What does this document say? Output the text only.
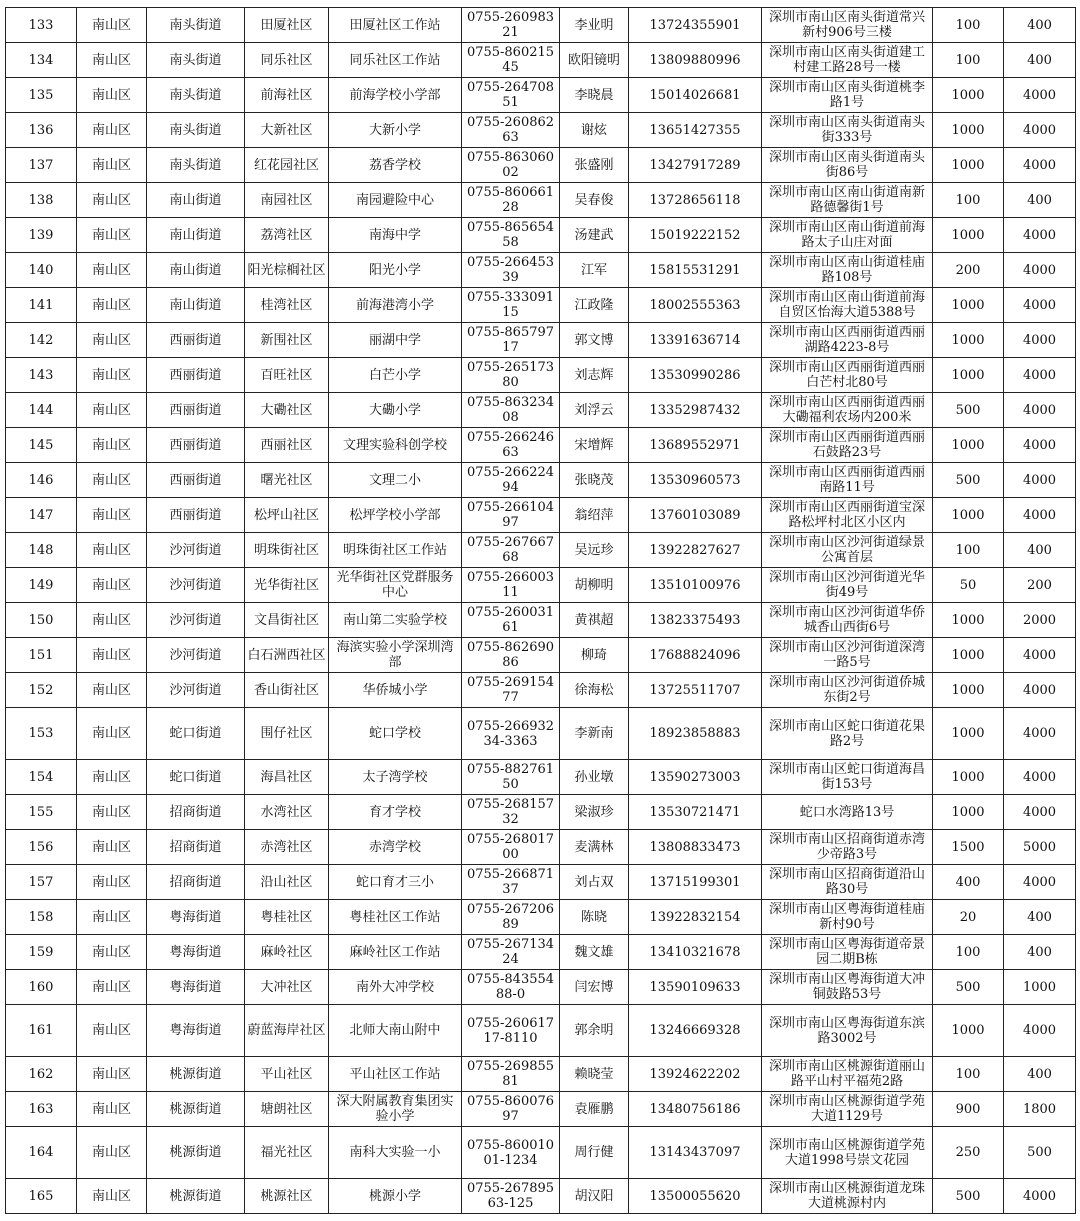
133	南山区	南头街道	田厦社区	田厦社区工作站	0755-26098321	李业明	13724355901	深圳市南山区南头街道常兴新村906号三楼	100	400
134	南山区	南头街道	同乐社区	同乐社区工作站	0755-86021545	欧阳镜明	13809880996	深圳市南山区南头街道建工村建工路28号一楼	100	400
135	南山区	南头街道	前海社区	前海学校小学部	0755-26470851	李晓晨	15014026681	深圳市南山区南头街道桃李路1号	1000	4000
136	南山区	南头街道	大新社区	大新小学	0755-26086263	谢炫	13651427355	深圳市南山区南头街道南头街333号	1000	4000
137	南山区	南头街道	红花园社区	荔香学校	0755-86306002	张盛刚	13427917289	深圳市南山区南头街道南头街86号	1000	4000
138	南山区	南山街道	南园社区	南园避险中心	0755-86066128	吴春俊	13728656118	深圳市南山区南山街道南新路德馨街1号	100	400
139	南山区	南山街道	荔湾社区	南海中学	0755-86565458	汤建武	15019222152	深圳市南山区南山街道前海路太子山庄对面	1000	4000
140	南山区	南山街道	阳光棕榈社区	阳光小学	0755-26645339	江军	15815531291	深圳市南山区南山街道桂庙路108号	200	4000
141	南山区	南山街道	桂湾社区	前海港湾小学	0755-33309115	江政隆	18002555363	深圳市南山区南山街道前海自贸区怡海大道5388号	1000	4000
142	南山区	西丽街道	新围社区	丽湖中学	0755-86579717	郭文博	13391636714	深圳市南山区西丽街道西丽湖路4223-8号	1000	4000
143	南山区	西丽街道	百旺社区	白芒小学	0755-26517380	刘志辉	13530990286	深圳市南山区西丽街道西丽白芒村北80号	1000	4000
144	南山区	西丽街道	大磡社区	大磡小学	0755-86323408	刘浮云	13352987432	深圳市南山区西丽街道西丽大磡福利农场内200米	500	4000
145	南山区	西丽街道	西丽社区	文理实验科创学校	0755-26624663	宋增辉	13689552971	深圳市南山区西丽街道西丽石鼓路23号	1000	4000
146	南山区	西丽街道	曙光社区	文理二小	0755-26622494	张晓茂	13530960573	深圳市南山区西丽街道西丽南路11号	500	4000
147	南山区	西丽街道	松坪山社区	松坪学校小学部	0755-26610497	翁绍萍	13760103089	深圳市南山区西丽街道宝深路松坪村北区小区内	1000	4000
148	南山区	沙河街道	明珠街社区	明珠街社区工作站	0755-26766768	吴远珍	13922827627	深圳市南山区沙河街道绿景公寓首层	100	400
149	南山区	沙河街道	光华街社区	光华街社区党群服务中心	0755-26600311	胡柳明	13510100976	深圳市南山区沙河街道光华街49号	50	200
150	南山区	沙河街道	文昌街社区	南山第二实验学校	0755-26003161	黄祺超	13823375493	深圳市南山区沙河街道华侨城香山西街6号	1000	2000
151	南山区	沙河街道	白石洲西社区	海滨实验小学深圳湾部	0755-86269086	柳琦	17688824096	深圳市南山区沙河街道深湾一路5号	1000	4000
152	南山区	沙河街道	香山街社区	华侨城小学	0755-26915477	徐海松	13725511707	深圳市南山区沙河街道侨城东街2号	1000	4000
153	南山区	蛇口街道	围仔社区	蛇口学校	0755-26693234-3363	李新南	18923858883	深圳市南山区蛇口街道花果路2号	1000	4000
154	南山区	蛇口街道	海昌社区	太子湾学校	0755-88276150	孙业墩	13590273003	深圳市南山区蛇口街道海昌街153号	1000	4000
155	南山区	招商街道	水湾社区	育才学校	0755-26815732	梁淑珍	13530721471	蛇口水湾路13号	1000	4000
156	南山区	招商街道	赤湾社区	赤湾学校	0755-26801700	麦满林	13808833473	深圳市南山区招商街道赤湾少帝路3号	1500	5000
157	南山区	招商街道	沿山社区	蛇口育才三小	0755-26687137	刘占双	13715199301	深圳市南山区招商街道沿山路30号	400	4000
158	南山区	粤海街道	粤桂社区	粤桂社区工作站	0755-26720689	陈晓	13922832154	深圳市南山区粤海街道桂庙新村90号	20	400
159	南山区	粤海街道	麻岭社区	麻岭社区工作站	0755-26713424	魏文雄	13410321678	深圳市南山区粤海街道帝景园二期B栋	100	400
160	南山区	粤海街道	大冲社区	南外大冲学校	0755-84355488-0	闫宏博	13590109633	深圳市南山区粤海街道大冲铜鼓路53号	500	1000
161	南山区	粤海街道	蔚蓝海岸社区	北师大南山附中	0755-26061717-8110	郭余明	13246669328	深圳市南山区粤海街道东滨路3002号	1000	4000
162	南山区	桃源街道	平山社区	平山社区工作站	0755-26985581	赖晓莹	13924622202	深圳市南山区桃源街道丽山路平山村平福苑2路	100	400
163	南山区	桃源街道	塘朗社区	深大附属教育集团实验小学	0755-86007697	袁雁鹏	13480756186	深圳市南山区桃源街道学苑大道1129号	900	1800
164	南山区	桃源街道	福光社区	南科大实验一小	0755-86001001-1234	周行健	13143437097	深圳市南山区桃源街道学苑大道1998号崇文花园	250	500
165	南山区	桃源街道	桃源社区	桃源小学	0755-26789563-125	胡汉阳	13500055620	深圳市南山区桃源街道龙珠大道桃源村内	500	4000
